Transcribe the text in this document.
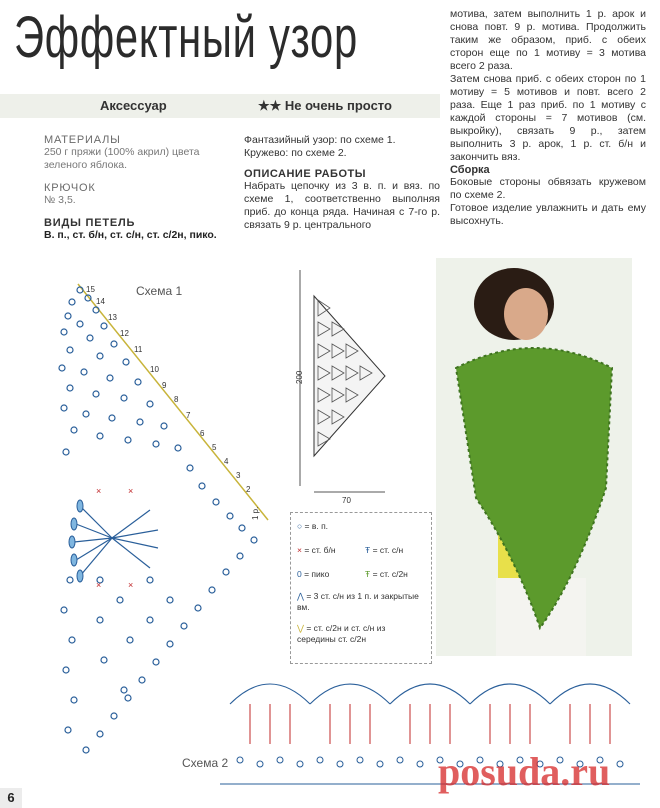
Эффектный узор
Аксессуар	★★ Не очень просто

МАТЕРИАЛЫ

250 г пряжи (100% акрил) цвета зеленого яблока.

КРЮЧОК

№ 3,5.

ВИДЫ ПЕТЕЛЬ

В. п., ст. б/н, ст. с/н, ст. с/2н, пико.

Фантазийный узор: по схеме 1.

Кружево: по схеме 2.

ОПИСАНИЕ РАБОТЫ

Набрать цепочку из 3 в. п. и вяз. по схеме 1, соответственно выполняя приб. до конца ряда. Начиная с 7-го р. связать 9 р. центрального

мотива, затем выполнить 1 р. арок и снова повт. 9 р. мотива. Продолжить таким же образом, приб. с обеих сторон еще по 1 мотиву = 3 мотива всего 2 раза.

Затем снова приб. с обеих сторон по 1 мотиву = 5 мотивов и повт. всего 2 раза. Еще 1 раз приб. по 1 мотиву с каждой стороны = 7 мотивов (см. выкройку), связать 9 р., затем выполнить 3 р. арок, 1 р. ст. б/н и закончить вяз.

Сборка

Боковые стороны обвязать кружевом по схеме 2.

Готовое изделие увлажнить и дать ему высохнуть.

×	×
×	×
15
14
13
12
11
10
9
8
7
6
5
4
3
2
1 р.
Схема 1
200
70
○ = в. п.
× = ст. б/н	Ŧ = ст. с/н
0 = пико	Ŧ = ст. с/2н
⋀ = 3 ст. с/н из 1 п. и закрытые вм.
⋁ = ст. с/2н и ст. с/н из середины ст. с/2н
Схема 2	posuda.ru
6
